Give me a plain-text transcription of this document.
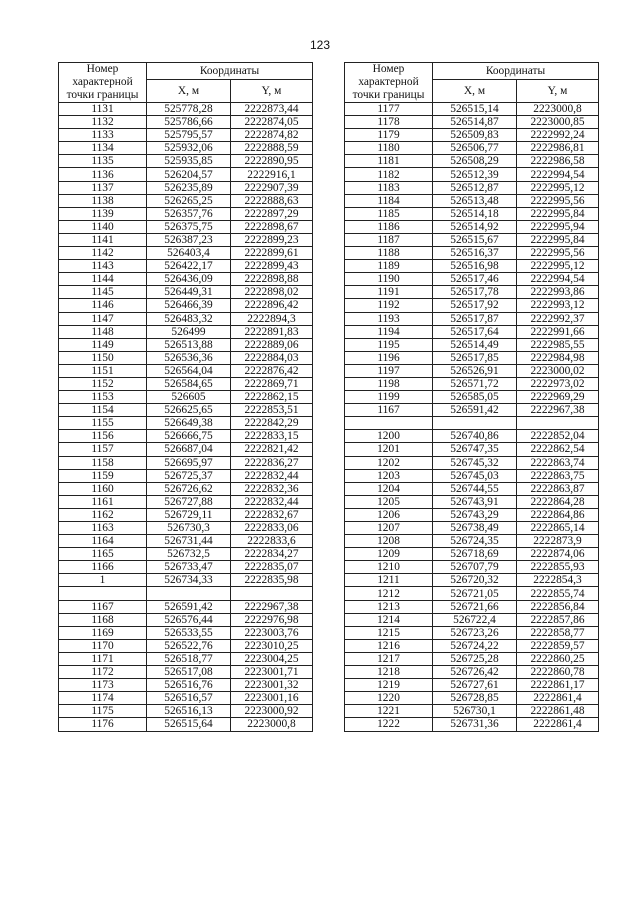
123
Номер характерной точки границы	Координаты	
	X, м	Y, м
1131	525778,28	2222873,44
1132	525786,66	2222874,05
1133	525795,57	2222874,82
1134	525932,06	2222888,59
1135	525935,85	2222890,95
1136	526204,57	2222916,1
1137	526235,89	2222907,39
1138	526265,25	2222888,63
1139	526357,76	2222897,29
1140	526375,75	2222898,67
1141	526387,23	2222899,23
1142	526403,4	2222899,61
1143	526422,17	2222899,43
1144	526436,09	2222898,88
1145	526449,31	2222898,02
1146	526466,39	2222896,42
1147	526483,32	2222894,3
1148	526499	2222891,83
1149	526513,88	2222889,06
1150	526536,36	2222884,03
1151	526564,04	2222876,42
1152	526584,65	2222869,71
1153	526605	2222862,15
1154	526625,65	2222853,51
1155	526649,38	2222842,29
1156	526666,75	2222833,15
1157	526687,04	2222821,42
1158	526695,97	2222836,27
1159	526725,37	2222832,44
1160	526726,62	2222832,36
1161	526727,88	2222832,44
1162	526729,11	2222832,67
1163	526730,3	2222833,06
1164	526731,44	2222833,6
1165	526732,5	2222834,27
1166	526733,47	2222835,07
1	526734,33	2222835,98

1167	526591,42	2222967,38
1168	526576,44	2222976,98
1169	526533,55	2223003,76
1170	526522,76	2223010,25
1171	526518,77	2223004,25
1172	526517,08	2223001,71
1173	526516,76	2223001,32
1174	526516,57	2223001,16
1175	526516,13	2223000,92
1176	526515,64	2223000,8
Номер характерной точки границы	Координаты	
	X, м	Y, м
1177	526515,14	2223000,8
1178	526514,87	2223000,85
1179	526509,83	2222992,24
1180	526506,77	2222986,81
1181	526508,29	2222986,58
1182	526512,39	2222994,54
1183	526512,87	2222995,12
1184	526513,48	2222995,56
1185	526514,18	2222995,84
1186	526514,92	2222995,94
1187	526515,67	2222995,84
1188	526516,37	2222995,56
1189	526516,98	2222995,12
1190	526517,46	2222994,54
1191	526517,78	2222993,86
1192	526517,92	2222993,12
1193	526517,87	2222992,37
1194	526517,64	2222991,66
1195	526514,49	2222985,55
1196	526517,85	2222984,98
1197	526526,91	2223000,02
1198	526571,72	2222973,02
1199	526585,05	2222969,29
1167	526591,42	2222967,38

1200	526740,86	2222852,04
1201	526747,35	2222862,54
1202	526745,32	2222863,74
1203	526745,03	2222863,75
1204	526744,55	2222863,87
1205	526743,91	2222864,28
1206	526743,29	2222864,86
1207	526738,49	2222865,14
1208	526724,35	2222873,9
1209	526718,69	2222874,06
1210	526707,79	2222855,93
1211	526720,32	2222854,3
1212	526721,05	2222855,74
1213	526721,66	2222856,84
1214	526722,4	2222857,86
1215	526723,26	2222858,77
1216	526724,22	2222859,57
1217	526725,28	2222860,25
1218	526726,42	2222860,78
1219	526727,61	2222861,17
1220	526728,85	2222861,4
1221	526730,1	2222861,48
1222	526731,36	2222861,4
